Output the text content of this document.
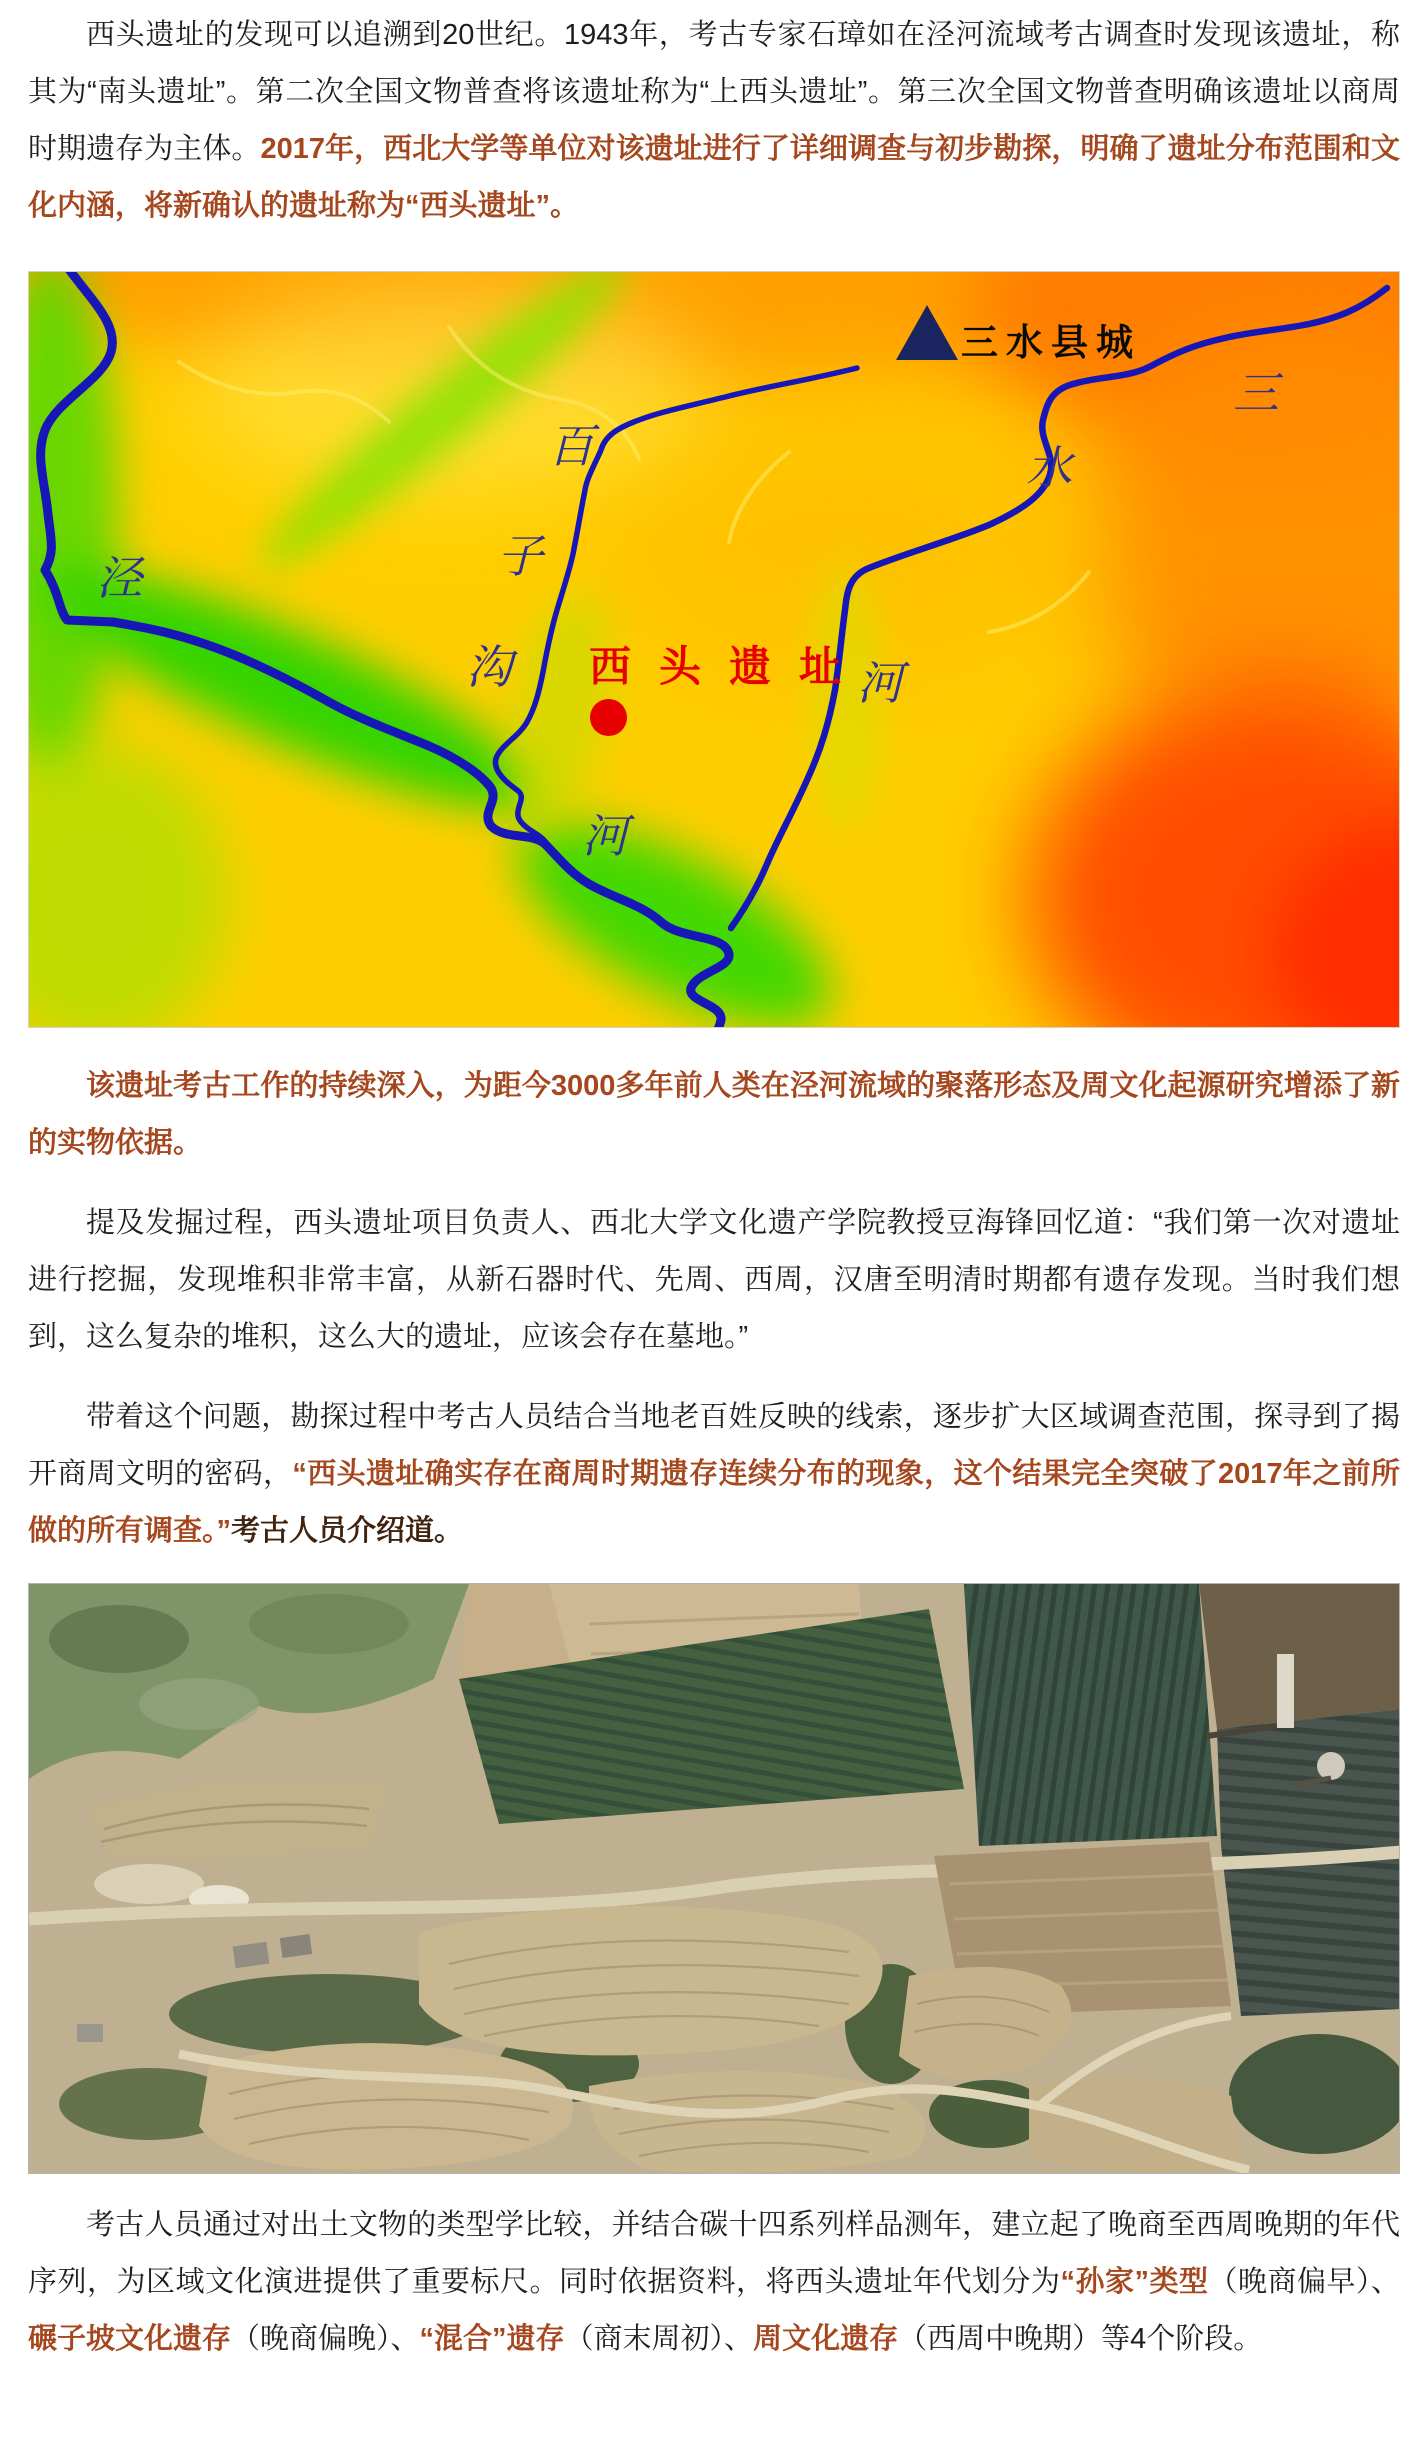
西头遗址的发现可以追溯到20世纪。1943年，考古专家石璋如在泾河流域考古调查时发现该遗址，称其为“南头遗址”。第二次全国文物普查将该遗址称为“上西头遗址”。第三次全国文物普查明确该遗址以商周时期遗存为主体。2017年，西北大学等单位对该遗址进行了详细调查与初步勘探，明确了遗址分布范围和文化内涵，将新确认的遗址称为“西头遗址”。

三水县城
泾
百
子
沟
河
三
水
河
西头遗址

该遗址考古工作的持续深入，为距今3000多年前人类在泾河流域的聚落形态及周文化起源研究增添了新的实物依据。

提及发掘过程，西头遗址项目负责人、西北大学文化遗产学院教授豆海锋回忆道：“我们第一次对遗址进行挖掘，发现堆积非常丰富，从新石器时代、先周、西周，汉唐至明清时期都有遗存发现。当时我们想到，这么复杂的堆积，这么大的遗址，应该会存在墓地。”

带着这个问题，勘探过程中考古人员结合当地老百姓反映的线索，逐步扩大区域调查范围，探寻到了揭开商周文明的密码，“西头遗址确实存在商周时期遗存连续分布的现象，这个结果完全突破了2017年之前所做的所有调查。”考古人员介绍道。

考古人员通过对出土文物的类型学比较，并结合碳十四系列样品测年，建立起了晚商至西周晚期的年代序列，为区域文化演进提供了重要标尺。同时依据资料，将西头遗址年代划分为“孙家”类型（晚商偏早）、碾子坡文化遗存（晚商偏晚）、“混合”遗存（商末周初）、周文化遗存（西周中晚期）等4个阶段。
